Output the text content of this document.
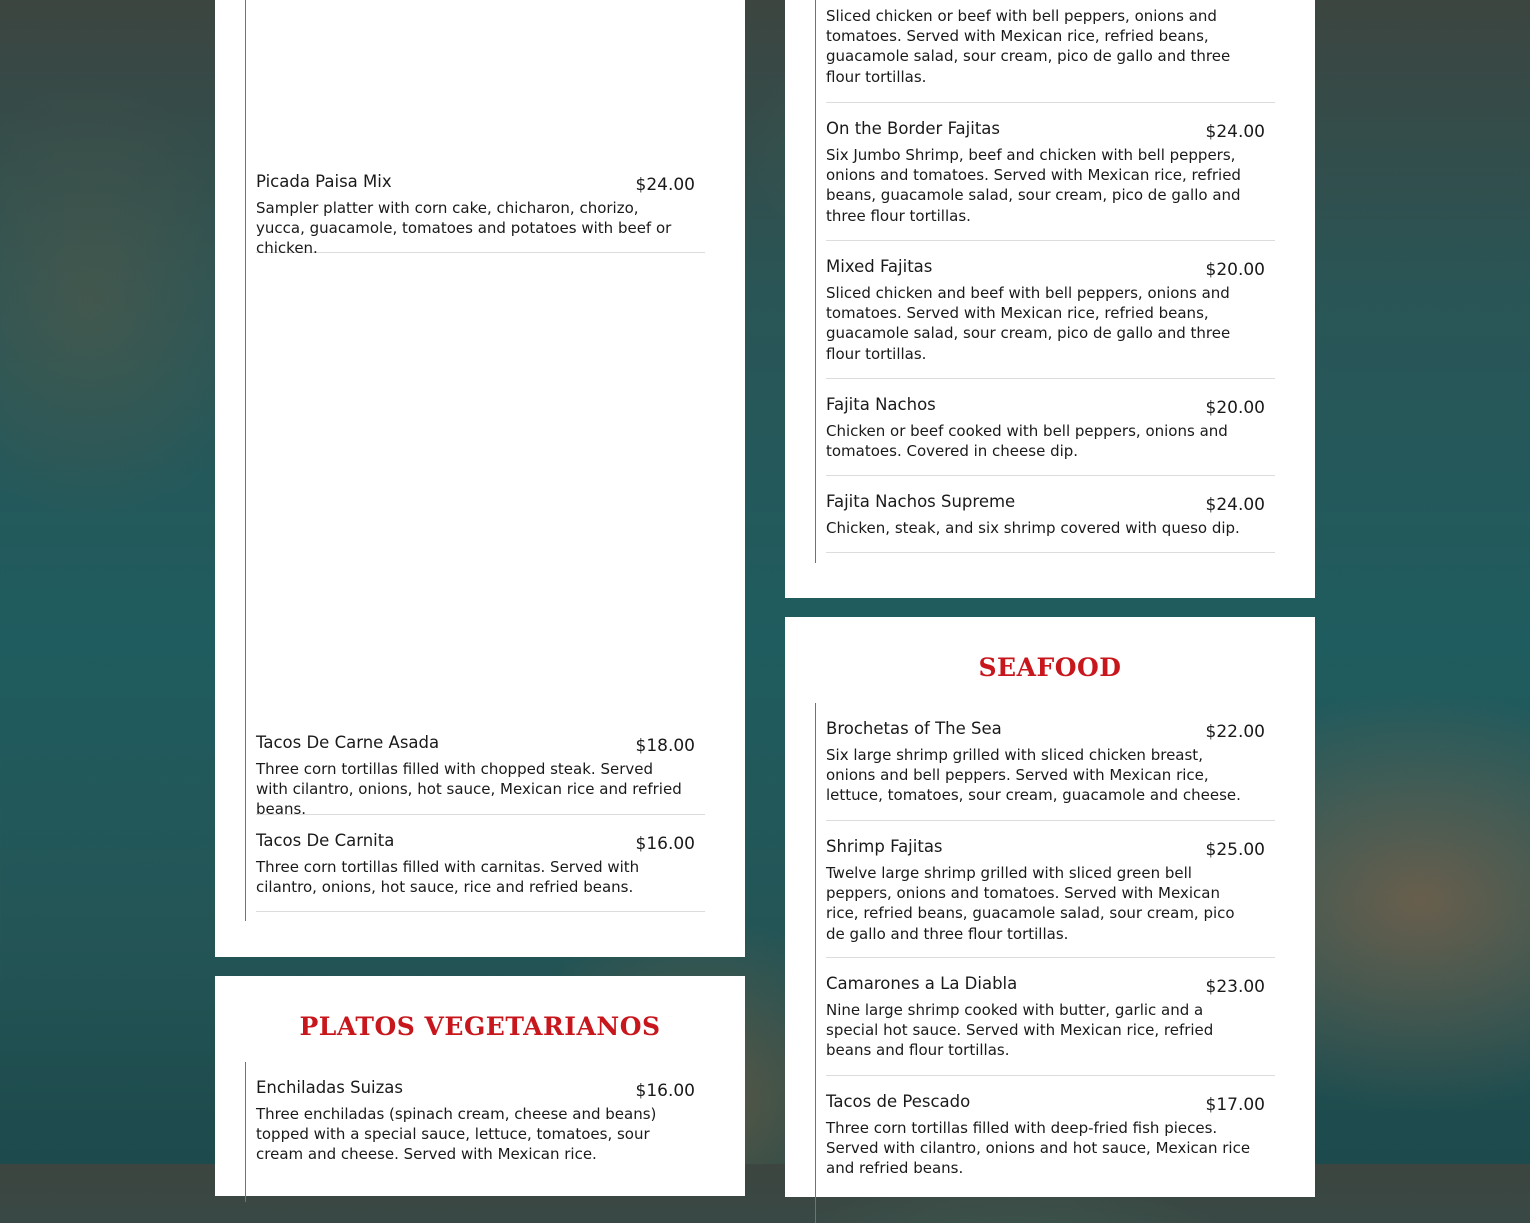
Picada Paisa Mix	$24.00
Sampler platter with corn cake, chicharon, chorizo, yucca, guacamole, tomatoes and potatoes with beef or chicken.
Tacos De Carne Asada	$18.00
Three corn tortillas filled with chopped steak. Served with cilantro, onions, hot sauce, Mexican rice and refried beans.
Tacos De Carnita	$16.00
Three corn tortillas filled with carnitas. Served with cilantro, onions, hot sauce, rice and refried beans.
PLATOS VEGETARIANOS
Enchiladas Suizas	$16.00
Three enchiladas (spinach cream, cheese and beans) topped with a special sauce, lettuce, tomatoes, sour cream and cheese. Served with Mexican rice.
Sliced chicken or beef with bell peppers, onions and tomatoes. Served with Mexican rice, refried beans, guacamole salad, sour cream, pico de gallo and three flour tortillas.
On the Border Fajitas	$24.00
Six Jumbo Shrimp, beef and chicken with bell peppers, onions and tomatoes. Served with Mexican rice, refried beans, guacamole salad, sour cream, pico de gallo and three flour tortillas.
Mixed Fajitas	$20.00
Sliced chicken and beef with bell peppers, onions and tomatoes. Served with Mexican rice, refried beans, guacamole salad, sour cream, pico de gallo and three flour tortillas.
Fajita Nachos	$20.00
Chicken or beef cooked with bell peppers, onions and tomatoes. Covered in cheese dip.
Fajita Nachos Supreme	$24.00
Chicken, steak, and six shrimp covered with queso dip.
SEAFOOD
Brochetas of The Sea	$22.00
Six large shrimp grilled with sliced chicken breast, onions and bell peppers. Served with Mexican rice, lettuce, tomatoes, sour cream, guacamole and cheese.
Shrimp Fajitas	$25.00
Twelve large shrimp grilled with sliced green bell peppers, onions and tomatoes. Served with Mexican rice, refried beans, guacamole salad, sour cream, pico de gallo and three flour tortillas.
Camarones a La Diabla	$23.00
Nine large shrimp cooked with butter, garlic and a special hot sauce. Served with Mexican rice, refried beans and flour tortillas.
Tacos de Pescado	$17.00
Three corn tortillas filled with deep-fried fish pieces. Served with cilantro, onions and hot sauce, Mexican rice and refried beans.
